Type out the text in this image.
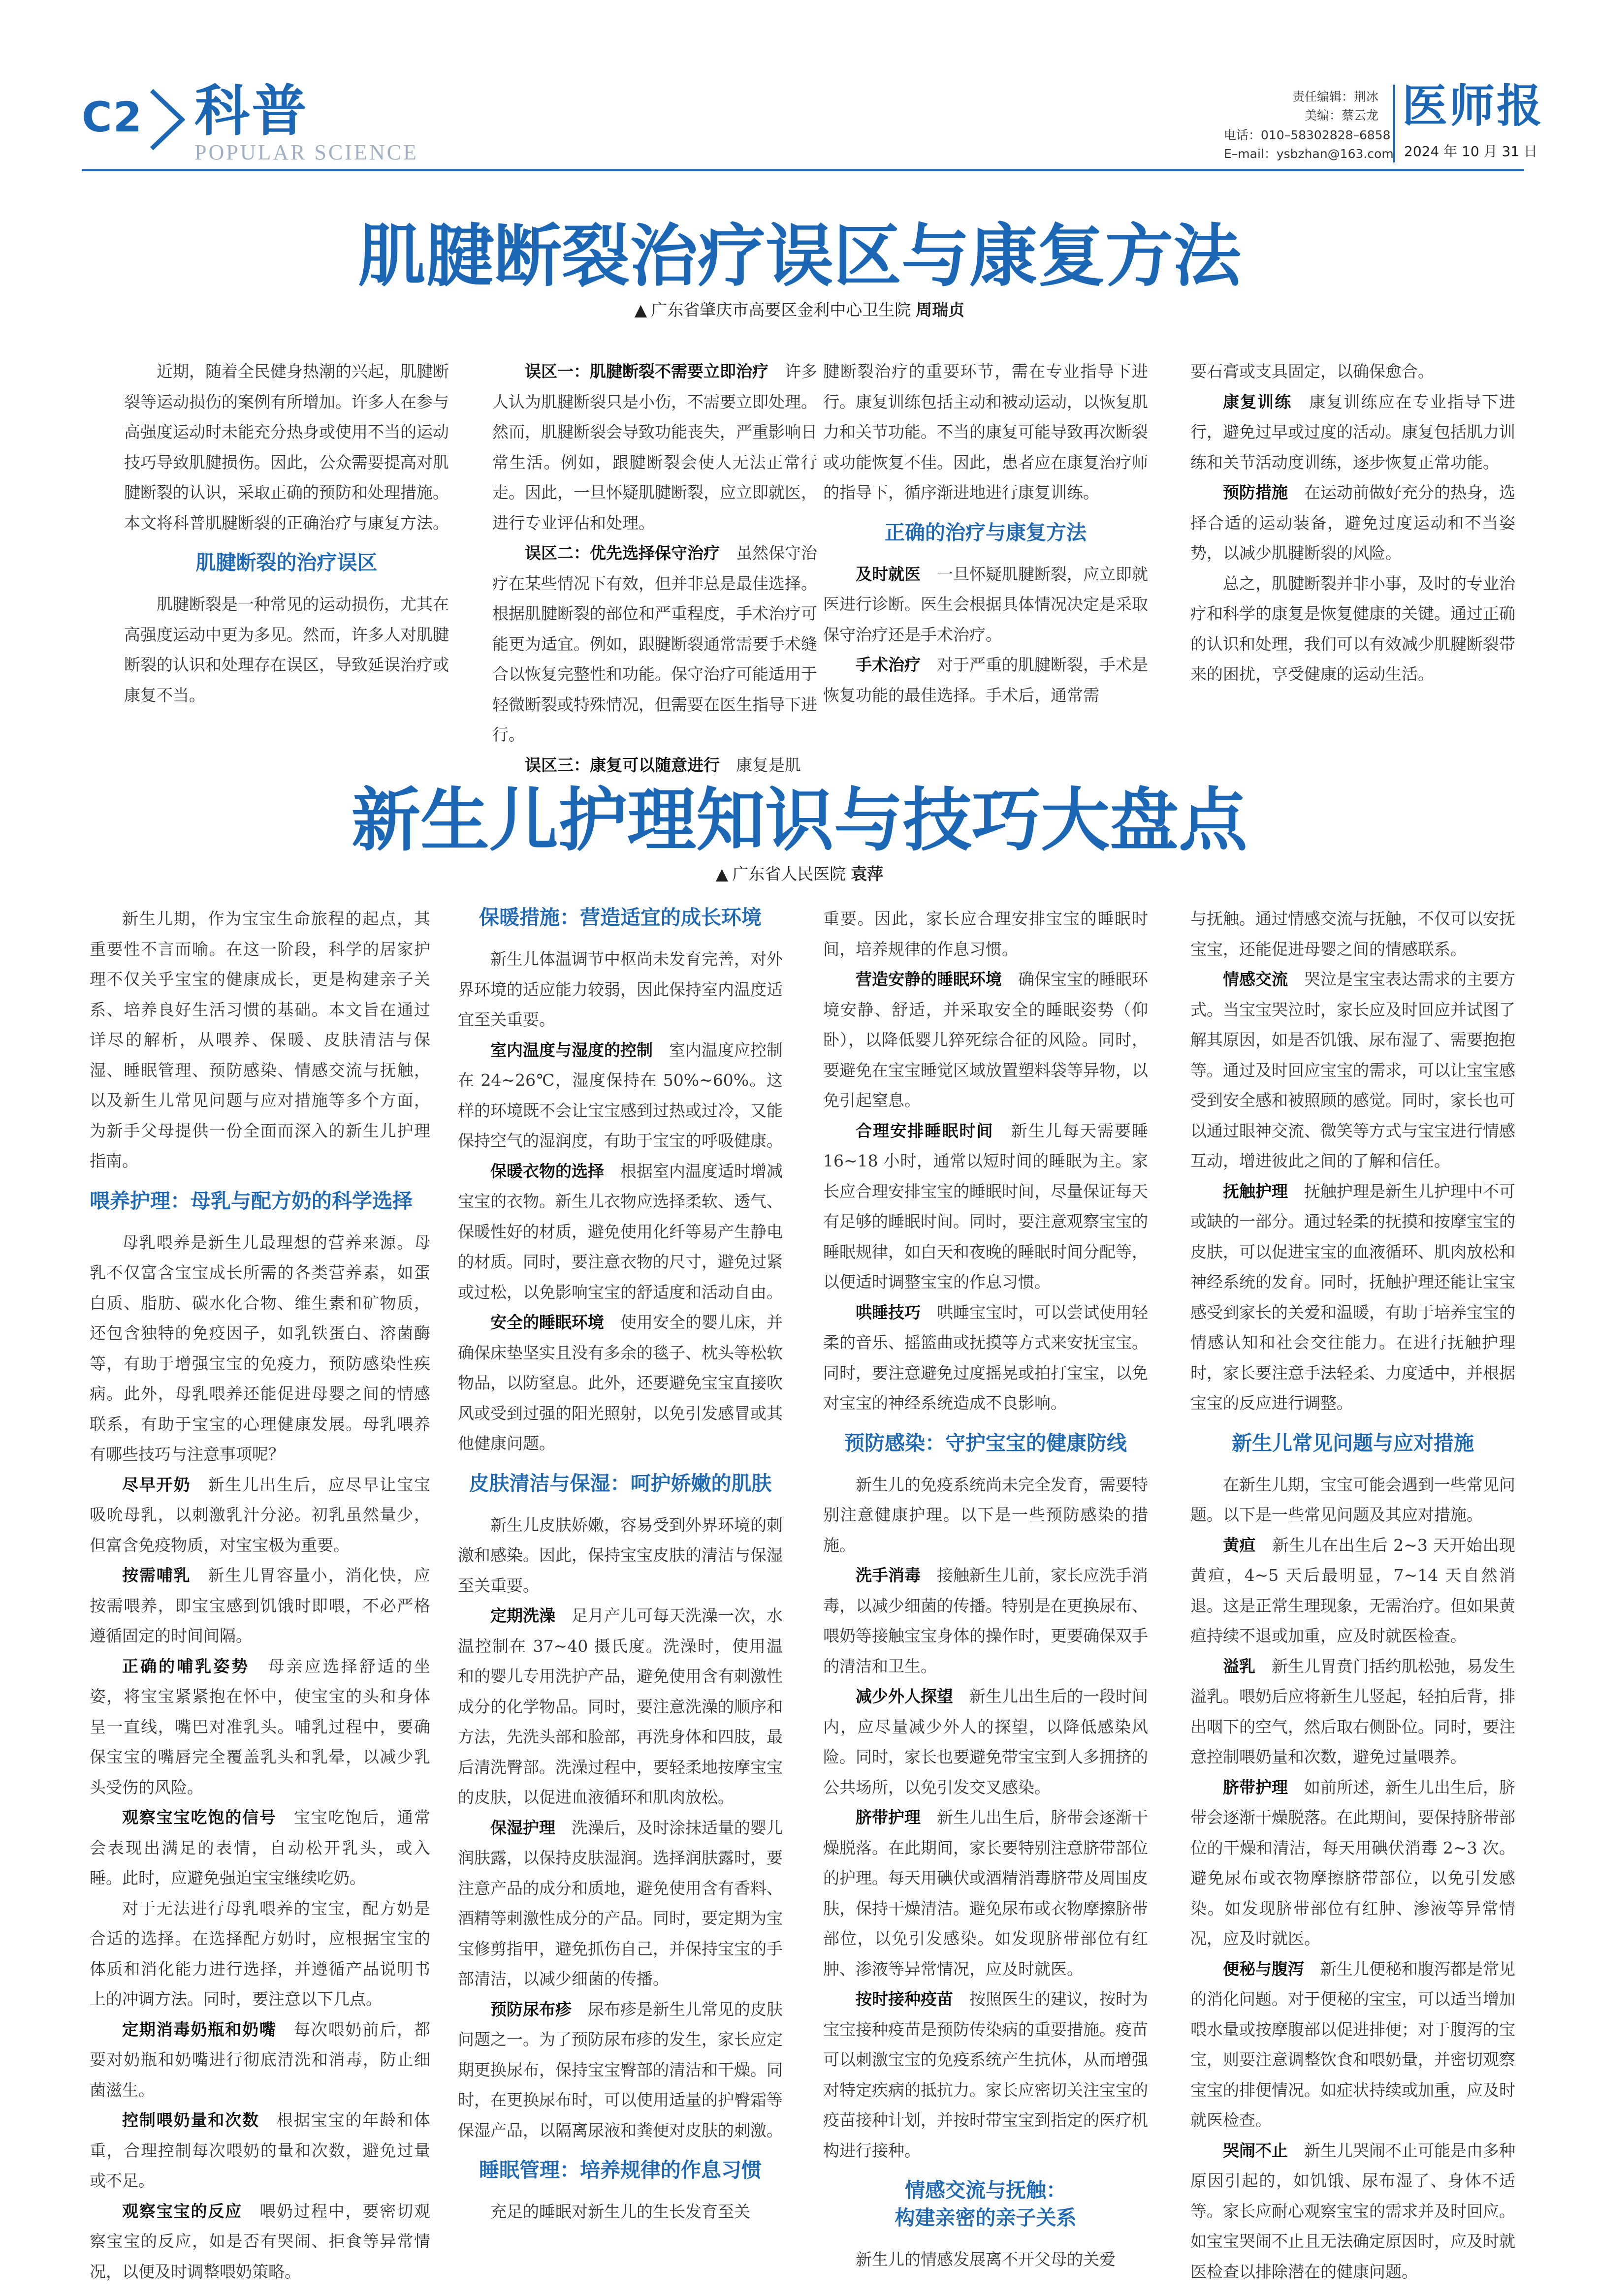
C2 科普
POPULAR SCIENCE
责任编辑：荆冰
美编：蔡云龙
电话：010–58302828–6858
E–mail：ysbzhan@163.com
医师报
2024 年 10 月 31 日
肌腱断裂治疗误区与康复方法
▲ 广东省肇庆市高要区金利中心卫生院 周瑞贞

近期，随着全民健身热潮的兴起，肌腱断裂等运动损伤的案例有所增加。许多人在参与高强度运动时未能充分热身或使用不当的运动技巧导致肌腱损伤。因此，公众需要提高对肌腱断裂的认识，采取正确的预防和处理措施。本文将科普肌腱断裂的正确治疗与康复方法。

肌腱断裂的治疗误区

肌腱断裂是一种常见的运动损伤，尤其在高强度运动中更为多见。然而，许多人对肌腱断裂的认识和处理存在误区，导致延误治疗或康复不当。

误区一：肌腱断裂不需要立即治疗　 许多人认为肌腱断裂只是小伤，不需要立即处理。然而，肌腱断裂会导致功能丧失，严重影响日常生活。例如，跟腱断裂会使人无法正常行走。因此，一旦怀疑肌腱断裂，应立即就医，进行专业评估和处理。

误区二：优先选择保守治疗　 虽然保守治疗在某些情况下有效，但并非总是最佳选择。根据肌腱断裂的部位和严重程度，手术治疗可能更为适宜。例如，跟腱断裂通常需要手术缝合以恢复完整性和功能。保守治疗可能适用于轻微断裂或特殊情况，但需要在医生指导下进行。

误区三：康复可以随意进行　 康复是肌

腱断裂治疗的重要环节，需在专业指导下进行。康复训练包括主动和被动运动，以恢复肌力和关节功能。不当的康复可能导致再次断裂或功能恢复不佳。因此，患者应在康复治疗师的指导下，循序渐进地进行康复训练。

正确的治疗与康复方法

及时就医　 一旦怀疑肌腱断裂，应立即就医进行诊断。医生会根据具体情况决定是采取保守治疗还是手术治疗。

手术治疗　 对于严重的肌腱断裂，手术是恢复功能的最佳选择。手术后，通常需

要石膏或支具固定，以确保愈合。

康复训练　 康复训练应在专业指导下进行，避免过早或过度的活动。康复包括肌力训练和关节活动度训练，逐步恢复正常功能。

预防措施　 在运动前做好充分的热身，选择合适的运动装备，避免过度运动和不当姿势，以减少肌腱断裂的风险。

总之，肌腱断裂并非小事，及时的专业治疗和科学的康复是恢复健康的关键。通过正确的认识和处理，我们可以有效减少肌腱断裂带来的困扰，享受健康的运动生活。

新生儿护理知识与技巧大盘点
▲ 广东省人民医院 袁萍

新生儿期，作为宝宝生命旅程的起点，其重要性不言而喻。在这一阶段，科学的居家护理不仅关乎宝宝的健康成长，更是构建亲子关系、培养良好生活习惯的基础。本文旨在通过详尽的解析，从喂养、保暖、皮肤清洁与保湿、睡眠管理、预防感染、情感交流与抚触，以及新生儿常见问题与应对措施等多个方面，为新手父母提供一份全面而深入的新生儿护理指南。

喂养护理：母乳与配方奶的科学选择

母乳喂养是新生儿最理想的营养来源。母乳不仅富含宝宝成长所需的各类营养素，如蛋白质、脂肪、碳水化合物、维生素和矿物质，还包含独特的免疫因子，如乳铁蛋白、溶菌酶等，有助于增强宝宝的免疫力，预防感染性疾病。此外，母乳喂养还能促进母婴之间的情感联系，有助于宝宝的心理健康发展。母乳喂养有哪些技巧与注意事项呢？

尽早开奶　 新生儿出生后，应尽早让宝宝吸吮母乳，以刺激乳汁分泌。初乳虽然量少，但富含免疫物质，对宝宝极为重要。

按需哺乳　 新生儿胃容量小，消化快，应按需喂养，即宝宝感到饥饿时即喂，不必严格遵循固定的时间间隔。

正确的哺乳姿势　 母亲应选择舒适的坐姿，将宝宝紧紧抱在怀中，使宝宝的头和身体呈一直线，嘴巴对准乳头。哺乳过程中，要确保宝宝的嘴唇完全覆盖乳头和乳晕，以减少乳头受伤的风险。

观察宝宝吃饱的信号　 宝宝吃饱后，通常会表现出满足的表情，自动松开乳头，或入睡。此时，应避免强迫宝宝继续吃奶。

对于无法进行母乳喂养的宝宝，配方奶是合适的选择。在选择配方奶时，应根据宝宝的体质和消化能力进行选择，并遵循产品说明书上的冲调方法。同时，要注意以下几点。

定期消毒奶瓶和奶嘴　 每次喂奶前后，都要对奶瓶和奶嘴进行彻底清洗和消毒，防止细菌滋生。

控制喂奶量和次数　 根据宝宝的年龄和体重，合理控制每次喂奶的量和次数，避免过量或不足。

观察宝宝的反应　 喂奶过程中，要密切观察宝宝的反应，如是否有哭闹、拒食等异常情况，以便及时调整喂奶策略。

保暖措施：营造适宜的成长环境

新生儿体温调节中枢尚未发育完善，对外界环境的适应能力较弱，因此保持室内温度适宜至关重要。

室内温度与湿度的控制　 室内温度应控制在 24~26℃，湿度保持在 50%~60%。这样的环境既不会让宝宝感到过热或过冷，又能保持空气的湿润度，有助于宝宝的呼吸健康。

保暖衣物的选择　 根据室内温度适时增减宝宝的衣物。新生儿衣物应选择柔软、透气、保暖性好的材质，避免使用化纤等易产生静电的材质。同时，要注意衣物的尺寸，避免过紧或过松，以免影响宝宝的舒适度和活动自由。

安全的睡眠环境　 使用安全的婴儿床，并确保床垫坚实且没有多余的毯子、枕头等松软物品，以防窒息。此外，还要避免宝宝直接吹风或受到过强的阳光照射，以免引发感冒或其他健康问题。

皮肤清洁与保湿：呵护娇嫩的肌肤

新生儿皮肤娇嫩，容易受到外界环境的刺激和感染。因此，保持宝宝皮肤的清洁与保湿至关重要。

定期洗澡　 足月产儿可每天洗澡一次，水温控制在 37~40 摄氏度。洗澡时，使用温和的婴儿专用洗护产品，避免使用含有刺激性成分的化学物品。同时，要注意洗澡的顺序和方法，先洗头部和脸部，再洗身体和四肢，最后清洗臀部。洗澡过程中，要轻柔地按摩宝宝的皮肤，以促进血液循环和肌肉放松。

保湿护理　 洗澡后，及时涂抹适量的婴儿润肤露，以保持皮肤湿润。选择润肤露时，要注意产品的成分和质地，避免使用含有香料、酒精等刺激性成分的产品。同时，要定期为宝宝修剪指甲，避免抓伤自己，并保持宝宝的手部清洁，以减少细菌的传播。

预防尿布疹　 尿布疹是新生儿常见的皮肤问题之一。为了预防尿布疹的发生，家长应定期更换尿布，保持宝宝臀部的清洁和干燥。同时，在更换尿布时，可以使用适量的护臀霜等保湿产品，以隔离尿液和粪便对皮肤的刺激。

睡眠管理：培养规律的作息习惯

充足的睡眠对新生儿的生长发育至关

重要。因此，家长应合理安排宝宝的睡眠时间，培养规律的作息习惯。

营造安静的睡眠环境　 确保宝宝的睡眠环境安静、舒适，并采取安全的睡眠姿势（仰卧），以降低婴儿猝死综合征的风险。同时，要避免在宝宝睡觉区域放置塑料袋等异物，以免引起窒息。

合理安排睡眠时间　 新生儿每天需要睡 16~18 小时，通常以短时间的睡眠为主。家长应合理安排宝宝的睡眠时间，尽量保证每天有足够的睡眠时间。同时，要注意观察宝宝的睡眠规律，如白天和夜晚的睡眠时间分配等，以便适时调整宝宝的作息习惯。

哄睡技巧　 哄睡宝宝时，可以尝试使用轻柔的音乐、摇篮曲或抚摸等方式来安抚宝宝。同时，要注意避免过度摇晃或拍打宝宝，以免对宝宝的神经系统造成不良影响。

预防感染：守护宝宝的健康防线

新生儿的免疫系统尚未完全发育，需要特别注意健康护理。以下是一些预防感染的措施。

洗手消毒　 接触新生儿前，家长应洗手消毒，以减少细菌的传播。特别是在更换尿布、喂奶等接触宝宝身体的操作时，更要确保双手的清洁和卫生。

减少外人探望　 新生儿出生后的一段时间内，应尽量减少外人的探望，以降低感染风险。同时，家长也要避免带宝宝到人多拥挤的公共场所，以免引发交叉感染。

脐带护理　 新生儿出生后，脐带会逐渐干燥脱落。在此期间，家长要特别注意脐带部位的护理。每天用碘伏或酒精消毒脐带及周围皮肤，保持干燥清洁。避免尿布或衣物摩擦脐带部位，以免引发感染。如发现脐带部位有红肿、渗液等异常情况，应及时就医。

按时接种疫苗　 按照医生的建议，按时为宝宝接种疫苗是预防传染病的重要措施。疫苗可以刺激宝宝的免疫系统产生抗体，从而增强对特定疾病的抵抗力。家长应密切关注宝宝的疫苗接种计划，并按时带宝宝到指定的医疗机构进行接种。

情感交流与抚触：
构建亲密的亲子关系

新生儿的情感发展离不开父母的关爱

与抚触。通过情感交流与抚触，不仅可以安抚宝宝，还能促进母婴之间的情感联系。

情感交流　 哭泣是宝宝表达需求的主要方式。当宝宝哭泣时，家长应及时回应并试图了解其原因，如是否饥饿、尿布湿了、需要抱抱等。通过及时回应宝宝的需求，可以让宝宝感受到安全感和被照顾的感觉。同时，家长也可以通过眼神交流、微笑等方式与宝宝进行情感互动，增进彼此之间的了解和信任。

抚触护理　 抚触护理是新生儿护理中不可或缺的一部分。通过轻柔的抚摸和按摩宝宝的皮肤，可以促进宝宝的血液循环、肌肉放松和神经系统的发育。同时，抚触护理还能让宝宝感受到家长的关爱和温暖，有助于培养宝宝的情感认知和社会交往能力。在进行抚触护理时，家长要注意手法轻柔、力度适中，并根据宝宝的反应进行调整。

新生儿常见问题与应对措施

在新生儿期，宝宝可能会遇到一些常见问题。以下是一些常见问题及其应对措施。

黄疸　 新生儿在出生后 2~3 天开始出现黄疸，4~5 天后最明显，7~14 天自然消退。这是正常生理现象，无需治疗。但如果黄疸持续不退或加重，应及时就医检查。

溢乳　 新生儿胃贲门括约肌松弛，易发生溢乳。喂奶后应将新生儿竖起，轻拍后背，排出咽下的空气，然后取右侧卧位。同时，要注意控制喂奶量和次数，避免过量喂养。

脐带护理　 如前所述，新生儿出生后，脐带会逐渐干燥脱落。在此期间，要保持脐带部位的干燥和清洁，每天用碘伏消毒 2~3 次。避免尿布或衣物摩擦脐带部位，以免引发感染。如发现脐带部位有红肿、渗液等异常情况，应及时就医。

便秘与腹泻　 新生儿便秘和腹泻都是常见的消化问题。对于便秘的宝宝，可以适当增加喂水量或按摩腹部以促进排便；对于腹泻的宝宝，则要注意调整饮食和喂奶量，并密切观察宝宝的排便情况。如症状持续或加重，应及时就医检查。

哭闹不止　 新生儿哭闹不止可能是由多种原因引起的，如饥饿、尿布湿了、身体不适等。家长应耐心观察宝宝的需求并及时回应。如宝宝哭闹不止且无法确定原因时，应及时就医检查以排除潜在的健康问题。
